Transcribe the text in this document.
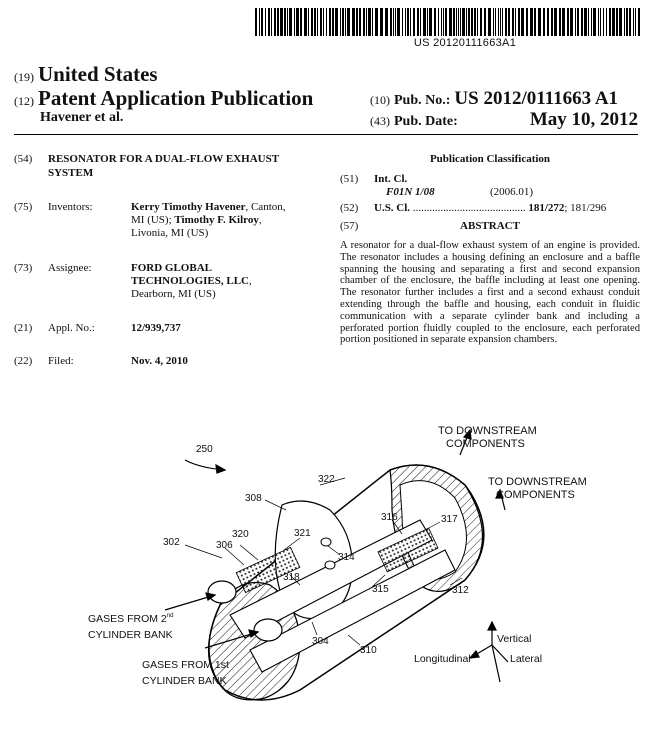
US 20120111663A1
(19) United States
(12) Patent Application Publication
Havener et al.
(10) Pub. No.: US 2012/0111663 A1
(43) Pub. Date:	May 10, 2012
(54) RESONATOR FOR A DUAL-FLOW EXHAUST
SYSTEM
(75) Inventors:	Kerry Timothy Havener, Canton,
MI (US); Timothy F. Kilroy,
Livonia, MI (US)
(73) Assignee:	FORD GLOBAL
TECHNOLOGIES, LLC,
Dearborn, MI (US)
(21) Appl. No.:	12/939,737
(22) Filed:	Nov. 4, 2010
Publication Classification
(51) Int. Cl.
F01N 1/08	(2006.01)
(52) U.S. Cl. ......................................... 181/272; 181/296
(57)	ABSTRACT
A resonator for a dual-flow exhaust system of an engine is provided. The resonator includes a housing defining an enclosure and a baffle spanning the housing and separating a first and second expansion chamber of the enclosure, the baffle including at least one opening. The resonator further includes a first and a second exhaust conduit extending through the baffle and housing, each conduit in fluidic communication with a separate cylinder bank and including a perforated portion fluidly coupled to the enclosure, each perforated portion positioned in separate expansion chambers.
TO DOWNSTREAM
COMPONENTS
TO DOWNSTREAM
COMPONENTS
GASES FROM 2nd
CYLINDER BANK
GASES FROM 1st
CYLINDER BANK
250
322
308
302
320	321
306
314
318
316	317
315	312
304
310
Vertical
Longitudinal	Lateral
